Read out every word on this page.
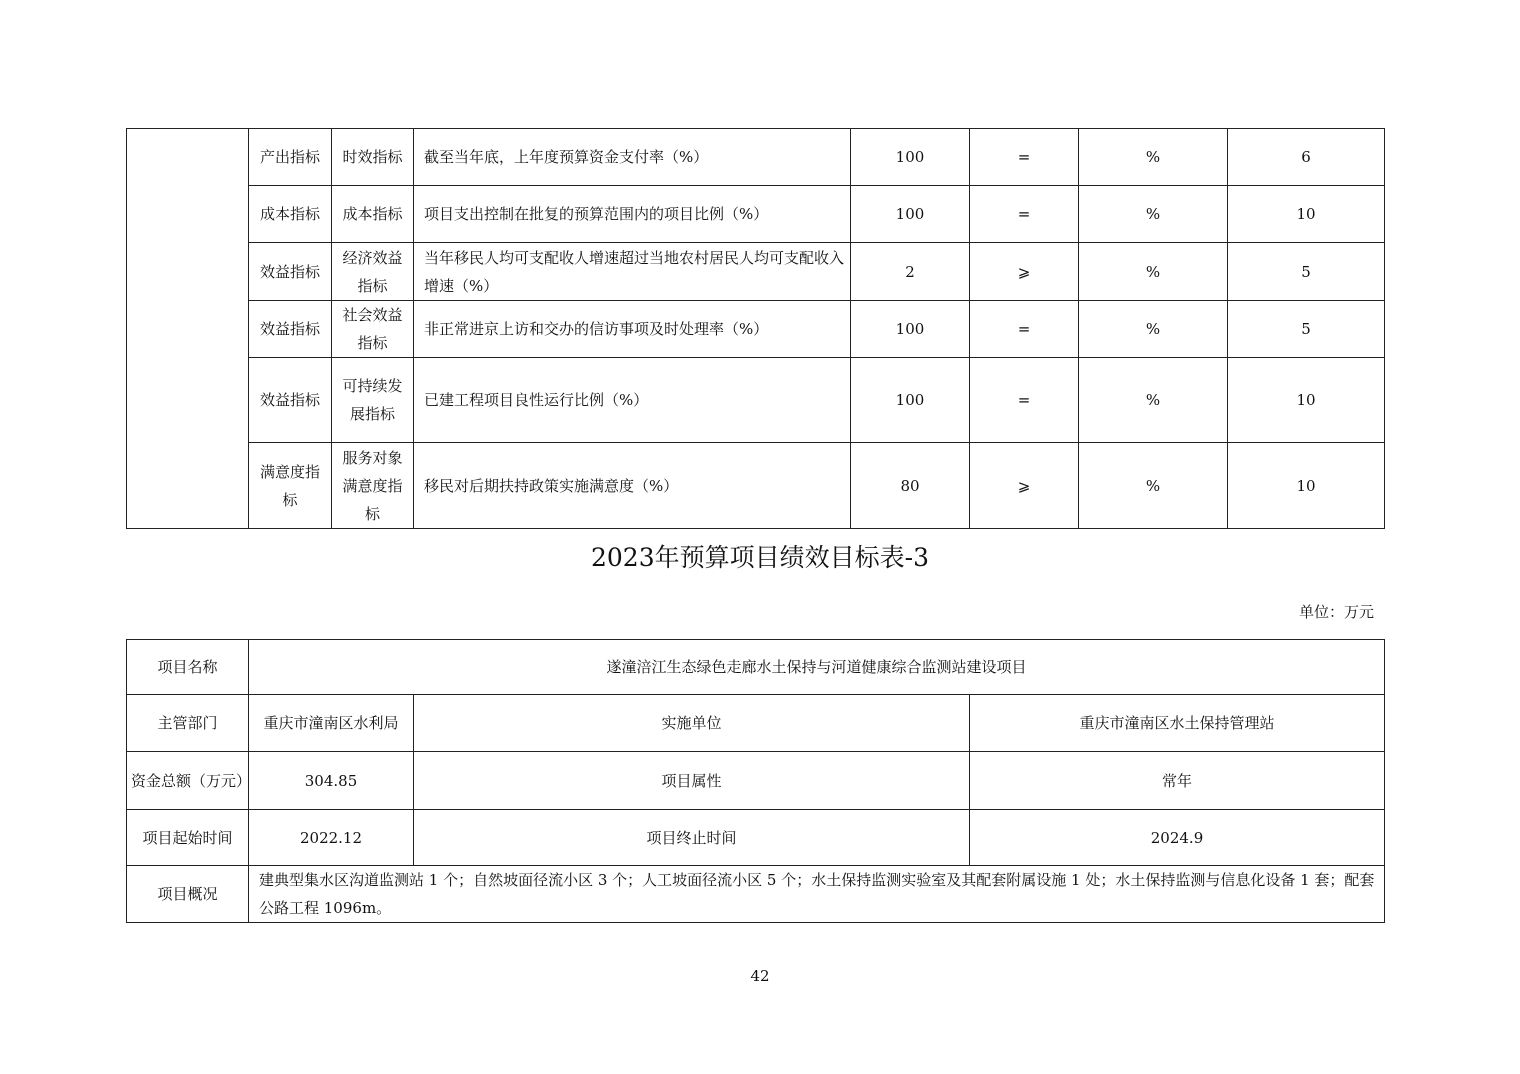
	产出指标	时效指标	截至当年底，上年度预算资金支付率（%）	100	=	%	6
	成本指标	成本指标	项目支出控制在批复的预算范围内的项目比例（%）	100	=	%	10
	效益指标	经济效益指标	当年移民人均可支配收人增速超过当地农村居民人均可支配收入增速（%）	2	⩾	%	5
	效益指标	社会效益指标	非正常进京上访和交办的信访事项及时处理率（%）	100	=	%	5
	效益指标	可持续发展指标	已建工程项目良性运行比例（%）	100	=	%	10
	满意度指标	服务对象满意度指标	移民对后期扶持政策实施满意度（%）	80	⩾	%	10
2023年预算项目绩效目标表-3
单位：万元
项目名称	遂潼涪江生态绿色走廊水土保持与河道健康综合监测站建设项目		
主管部门	重庆市潼南区水利局	实施单位	重庆市潼南区水土保持管理站
资金总额（万元）	304.85	项目属性	常年
项目起始时间	2022.12	项目终止时间	2024.9
项目概况	建典型集水区沟道监测站 1 个；自然坡面径流小区 3 个；人工坡面径流小区 5 个；水土保持监测实验室及其配套附属设施 1 处；水土保持监测与信息化设备 1 套；配套公路工程 1096m。		
42
